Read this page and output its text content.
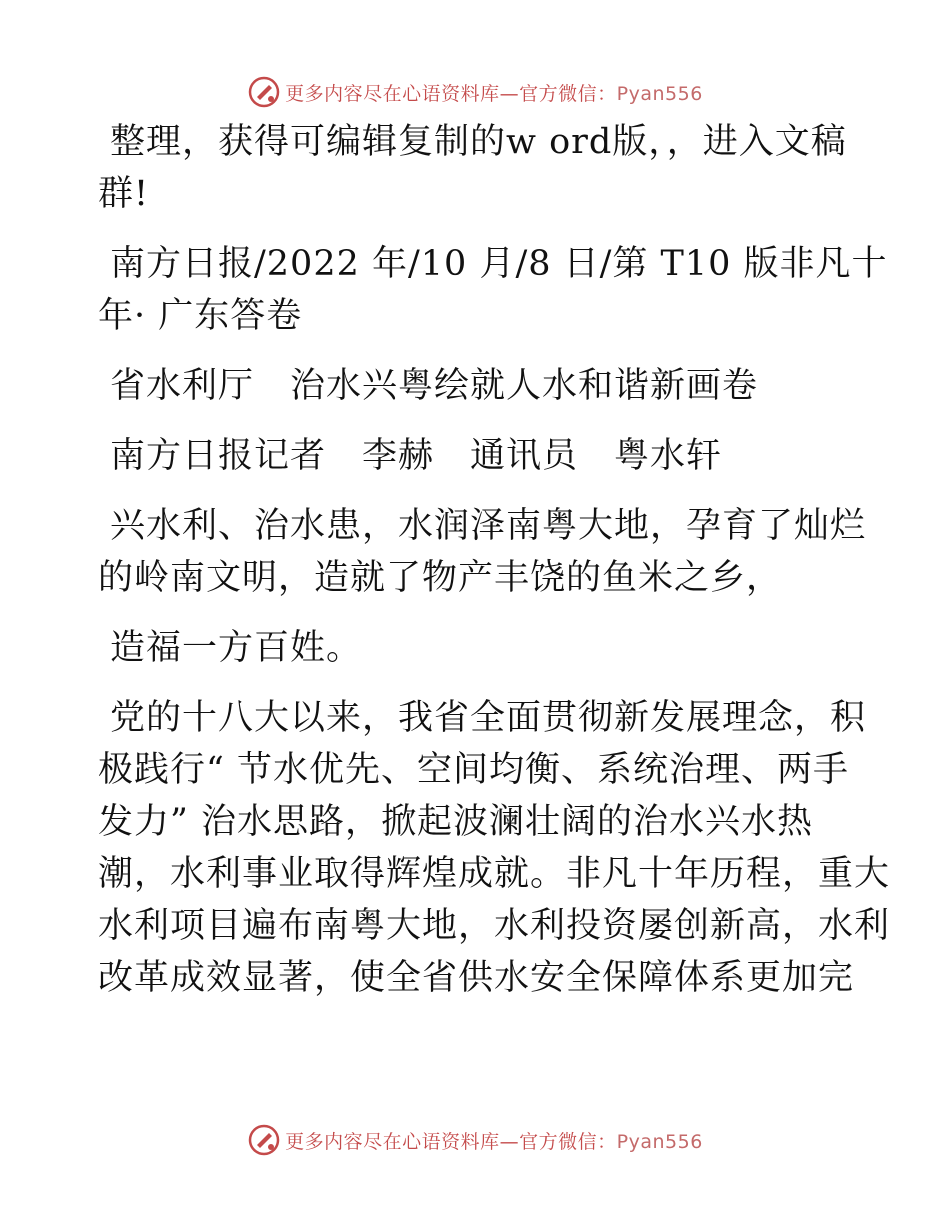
更多内容尽在心语资料库—官方微信：Pyan556

整理，获得可编辑复制的w ord版，，进入文稿
群!

南方日报/2022 年/10 月/8 日/第 T10 版非凡十
年· 广东答卷

省水利厅　治水兴粤绘就人水和谐新画卷

南方日报记者　李赫　通讯员　粤水轩

兴水利、治水患，水润泽南粤大地，孕育了灿烂
的岭南文明，造就了物产丰饶的鱼米之乡，

造福一方百姓。

党的十八大以来，我省全面贯彻新发展理念，积
极践行“ 节水优先、空间均衡、系统治理、两手
发力” 治水思路，掀起波澜壮阔的治水兴水热
潮，水利事业取得辉煌成就。非凡十年历程，重大
水利项目遍布南粤大地，水利投资屡创新高，水利
改革成效显著，使全省供水安全保障体系更加完

更多内容尽在心语资料库—官方微信：Pyan556
